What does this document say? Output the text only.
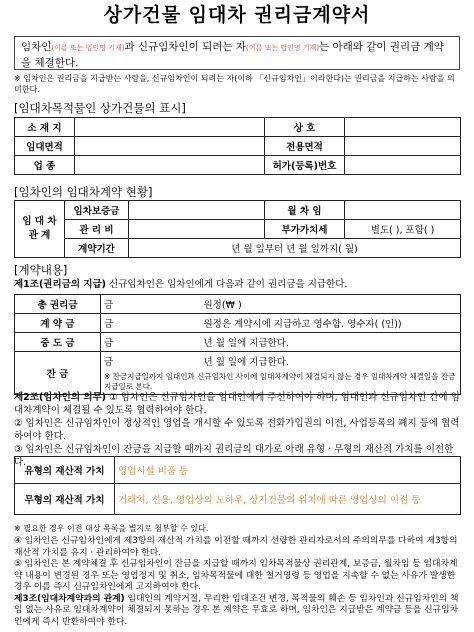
상가건물 임대차 권리금계약서
임차인(이름 또는 법인명 기재)과 신규임차인이 되려는 자(이름 또는 법인명 기재)는 아래와 같이 권리금 계약을 체결한다.
※ 임차인은 권리금을 지급받는 사람을, 신규임차인이 되려는 자(이하 「신규임차인」이라한다)는 권리금을 지급하는 사람을 의미한다.
[임대차목적물인 상가건물의 표시]
소 재 지		상 호	
임대면적		전용면적	
업 종		허가(등록)번호	
[임차인의 임대차계약 현황]
임 대 차 관 계	임차보증금		월 차 임	
	관 리 비		부가가치세	별도( ), 포함( )
	계약기간	년 월 일부터 년 월 일까지( 월)		
[계약내용]
제1조(권리금의 지급) 신규임차인은 임차인에게 다음과 같이 권리금을 지급한다.
총 권리금	금	원정(₩ )
계 약 금	금	원정은 계약시에 지급하고 영수함. 영수자( (인))
중 도 금	금	년 월 일에 지급한다.
잔 금	금	년 월 일에 지급한다.
	※ 잔금지급일까지 임대인과 신규임차인 사이에 임대차계약이 체결되지 않는 경우 임대차계약 체결일을 잔금지급일로 본다.	
제2조(임차인의 의무) ① 임차인은 신규임차인을 임대인에게 주선하여야 하며, 임대인과 신규임차인 간에 임대차계약이 체결될 수 있도록 협력하여야 한다.
② 임차인은 신규임차인이 정상적인 영업을 개시할 수 있도록 전화가입권의 이전, 사업등록의 폐지 등에 협력하여야 한다.
③ 임차인은 신규임차인이 잔금을 지급할 때까지 권리금의 대가로 아래 유형 · 무형의 재산적 가치를 이전한다.
유형의 재산적 가치	영업시설 비품 등
무형의 재산적 가치	거래처, 신용, 영업상의 노하우, 상가건물의 위치에 따른 영업상의 이점 등
※ 필요한 경우 이전 대상 목록을 별지로 첨부할 수 있다.
④ 임차인은 신규임차인에게 제3항의 재산적 가치를 이전할 때까지 선량한 관리자로서의 주의의무를 다하여 제3항의 재산적 가치를 유지 · 관리하여야 한다.
⑤ 임차인은 본 계약체결 후 신규임차인이 잔금을 지급할 때까지 임차목적물상 권리관계, 보증금, 월차임 등 임대차계약 내용이 변경된 경우 또는 영업정지 및 취소, 임차목적물에 대한 철거명령 등 영업을 지속할 수 없는 사유가 발생한 경우 이를 즉시 신규임차인에게 고지하여야 한다.
제3조(임대차계약과의 관계) 임대인의 계약거절, 무리한 임대조건 변경, 목적물의 훼손 등 임차인과 신규임차인의 책임 없는 사유로 임대차계약이 체결되지 못하는 경우 본 계약은 무효로 하며, 임차인은 지급받은 계약금 등을 신규임차인에게 즉시 반환하여야 한다.
